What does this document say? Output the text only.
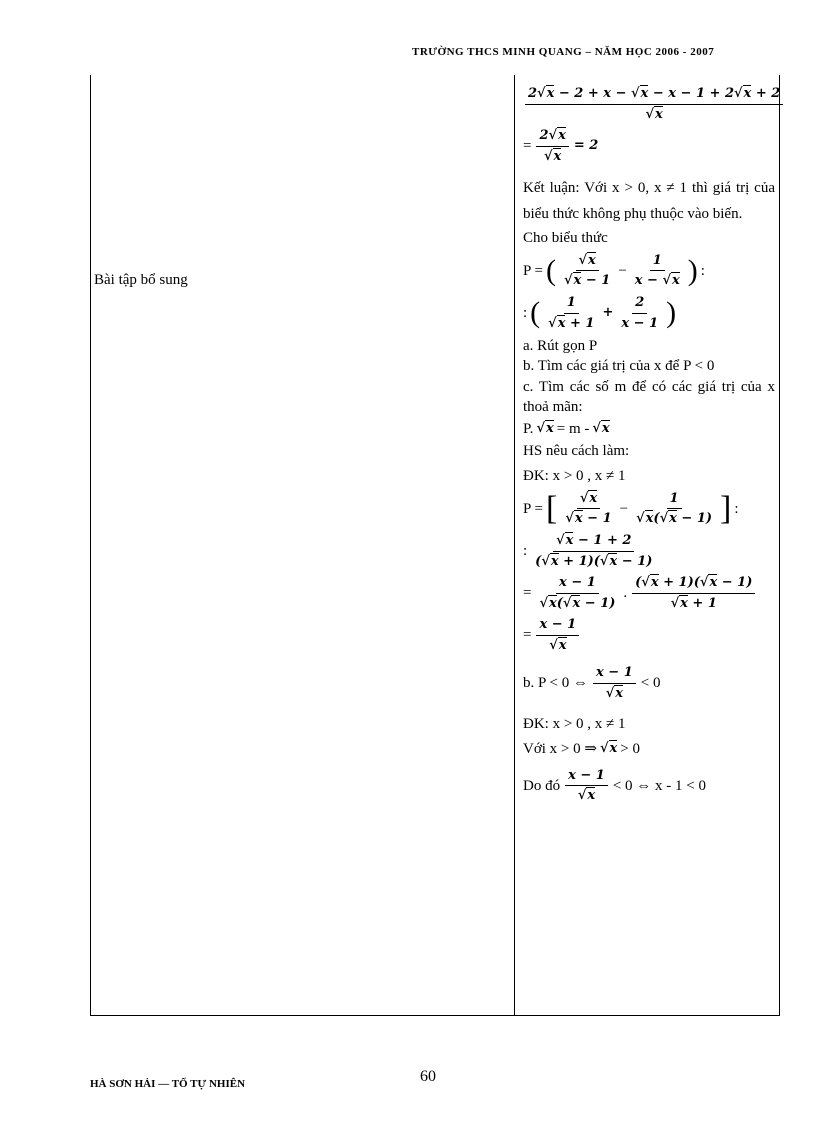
TRƯỜNG THCS MINH QUANG – NĂM HỌC 2006 - 2007
Bài tập bổ sung
$\frac{2√x - 2 + x - √x - x - 1 + 2√x + 2}{√x}$
= $\frac{2√x}{√x} = 2$

Kết luận: Với x > 0, x ≠ 1 thì giá trị của biểu thức không phụ thuộc vào biến.

Cho biểu thức

P = ( $\frac{√x}{√x - 1} - \frac{1}{x - √x}$ ) :
: ( $\frac{1}{√x + 1} + \frac{2}{x - 1}$ )

a. Rút gọn P

b. Tìm các giá trị của x để P < 0

c. Tìm các số m để có các giá trị của x thoả mãn:

P. √x = m - √x

HS nêu cách làm:

ĐK: x > 0 , x ≠ 1

P = [ $\frac{√x}{√x - 1} - \frac{1}{√x(√x - 1)}$ ] :
: $\frac{√x - 1 + 2}{(√x + 1)(√x - 1)}$
= $\frac{x - 1}{√x(√x - 1)}$ . $\frac{(√x + 1)(√x - 1)}{√x + 1}$
= $\frac{x - 1}{√x}$
b. P < 0 ⇔ $\frac{x - 1}{√x} < 0$

ĐK: x > 0 , x ≠ 1

Với x > 0 ⇒ √x > 0
Do đó $\frac{x - 1}{√x} < 0$ ⇔ x - 1 < 0
HÀ SƠN HẢI — TỔ TỰ NHIÊN	60
